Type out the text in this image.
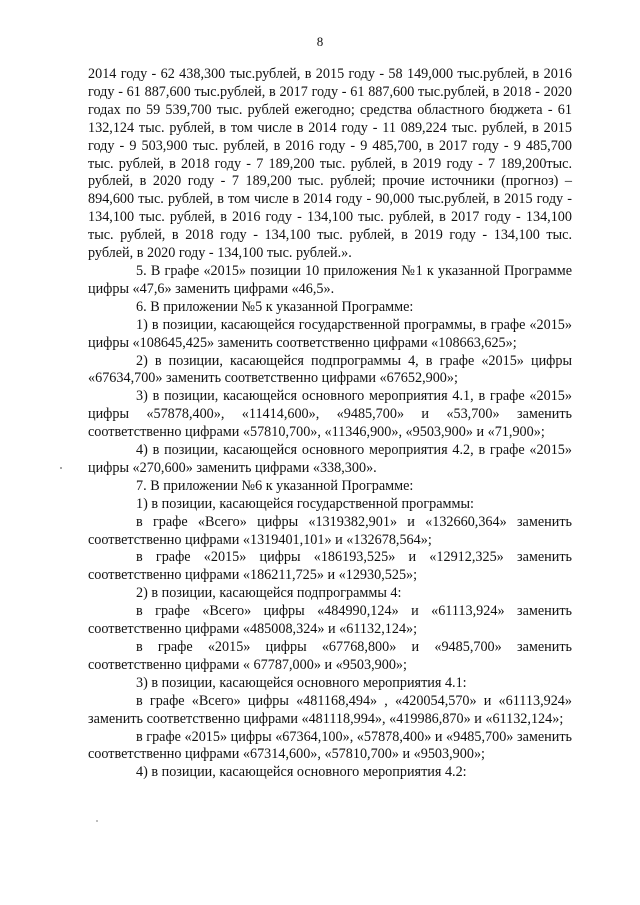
8

2014 году - 62 438,300 тыс.рублей, в 2015 году - 58 149,000 тыс.рублей, в 2016 году - 61 887,600 тыс.рублей, в 2017 году - 61 887,600 тыс.рублей, в 2018 - 2020 годах по 59 539,700 тыс. рублей ежегодно; средства областного бюджета - 61 132,124 тыс. рублей, в том числе в 2014 году - 11 089,224 тыс. рублей, в 2015 году - 9 503,900 тыс. рублей, в 2016 году - 9 485,700, в 2017 году - 9 485,700 тыс. рублей, в 2018 году - 7 189,200 тыс. рублей, в 2019 году - 7 189,200тыс. рублей, в 2020 году - 7 189,200 тыс. рублей; прочие источники (прогноз) – 894,600 тыс. рублей, в том числе в 2014 году - 90,000 тыс.рублей, в 2015 году - 134,100 тыс. рублей, в 2016 году - 134,100 тыс. рублей, в 2017 году - 134,100 тыс. рублей, в 2018 году - 134,100 тыс. рублей, в 2019 году - 134,100 тыс. рублей, в 2020 году - 134,100 тыс. рублей.».

5. В графе «2015» позиции 10 приложения №1 к указанной Программе цифры «47,6» заменить цифрами «46,5».

6. В приложении №5 к указанной Программе:

1) в позиции, касающейся государственной программы, в графе «2015» цифры «108645,425» заменить соответственно цифрами «108663,625»;

2) в позиции, касающейся подпрограммы 4, в графе «2015» цифры «67634,700» заменить соответственно цифрами «67652,900»;

3) в позиции, касающейся основного мероприятия 4.1, в графе «2015» цифры «57878,400», «11414,600», «9485,700» и «53,700» заменить соответственно цифрами «57810,700», «11346,900», «9503,900» и «71,900»;

4) в позиции, касающейся основного мероприятия 4.2, в графе «2015» цифры «270,600» заменить цифрами «338,300».

7. В приложении №6 к указанной Программе:

1) в позиции, касающейся государственной программы:

в графе «Всего» цифры «1319382,901» и «132660,364» заменить соответственно цифрами «1319401,101» и «132678,564»;

в графе «2015» цифры «186193,525» и «12912,325» заменить соответственно цифрами «186211,725» и «12930,525»;

2) в позиции, касающейся подпрограммы 4:

в графе «Всего» цифры «484990,124» и «61113,924» заменить соответственно цифрами «485008,324» и «61132,124»;

в графе «2015» цифры «67768,800» и «9485,700» заменить соответственно цифрами « 67787,000» и «9503,900»;

3) в позиции, касающейся основного мероприятия 4.1:

в графе «Всего» цифры «481168,494» , «420054,570» и «61113,924» заменить соответственно цифрами «481118,994», «419986,870» и «61132,124»;

в графе «2015» цифры «67364,100», «57878,400» и «9485,700» заменить соответственно цифрами «67314,600», «57810,700» и «9503,900»;

4) в позиции, касающейся основного мероприятия 4.2:
